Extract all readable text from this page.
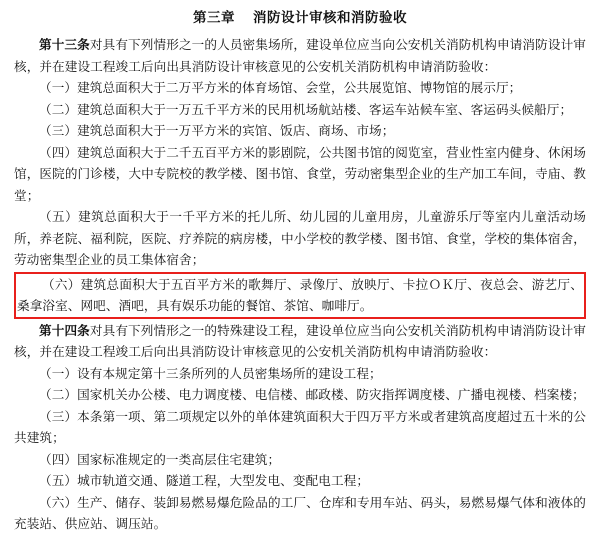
第三章 消防设计审核和消防验收

第十三条对具有下列情形之一的人员密集场所，建设单位应当向公安机关消防机构申请消防设计审核，并在建设工程竣工后向出具消防设计审核意见的公安机关消防机构申请消防验收：

（一）建筑总面积大于二万平方米的体育场馆、会堂，公共展览馆、博物馆的展示厅；

（二）建筑总面积大于一万五千平方米的民用机场航站楼、客运车站候车室、客运码头候船厅；

（三）建筑总面积大于一万平方米的宾馆、饭店、商场、市场；

（四）建筑总面积大于二千五百平方米的影剧院，公共图书馆的阅览室，营业性室内健身、休闲场馆，医院的门诊楼，大中专院校的教学楼、图书馆、食堂，劳动密集型企业的生产加工车间，寺庙、教堂；

（五）建筑总面积大于一千平方米的托儿所、幼儿园的儿童用房，儿童游乐厅等室内儿童活动场所，养老院、福利院，医院、疗养院的病房楼，中小学校的教学楼、图书馆、食堂，学校的集体宿舍，劳动密集型企业的员工集体宿舍；

（六）建筑总面积大于五百平方米的歌舞厅、录像厅、放映厅、卡拉ＯＫ厅、夜总会、游艺厅、桑拿浴室、网吧、酒吧，具有娱乐功能的餐馆、茶馆、咖啡厅。

第十四条对具有下列情形之一的特殊建设工程，建设单位应当向公安机关消防机构申请消防设计审核，并在建设工程竣工后向出具消防设计审核意见的公安机关消防机构申请消防验收：

（一）设有本规定第十三条所列的人员密集场所的建设工程；

（二）国家机关办公楼、电力调度楼、电信楼、邮政楼、防灾指挥调度楼、广播电视楼、档案楼；

（三）本条第一项、第二项规定以外的单体建筑面积大于四万平方米或者建筑高度超过五十米的公共建筑；

（四）国家标准规定的一类高层住宅建筑；

（五）城市轨道交通、隧道工程，大型发电、变配电工程；

（六）生产、储存、装卸易燃易爆危险品的工厂、仓库和专用车站、码头，易燃易爆气体和液体的充装站、供应站、调压站。
